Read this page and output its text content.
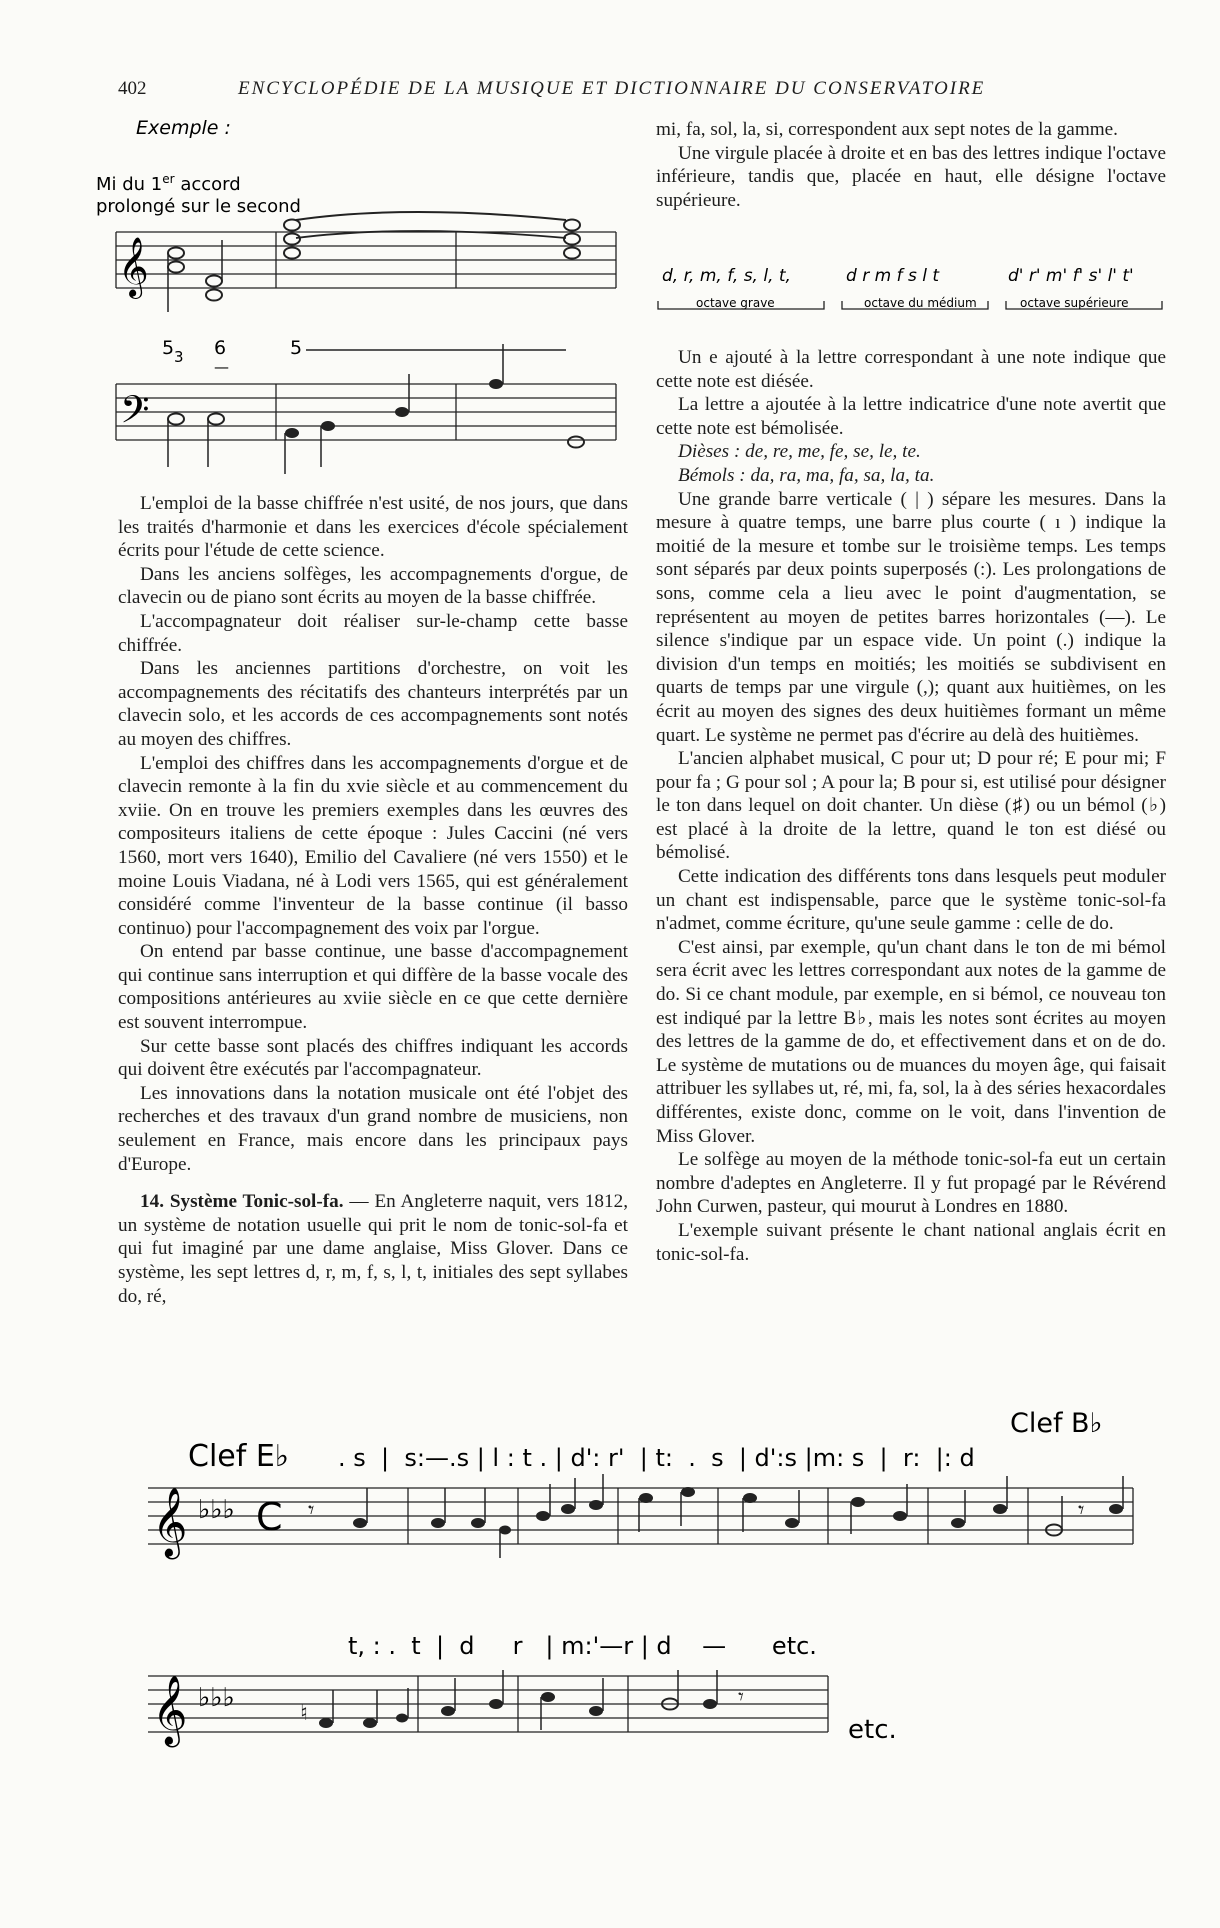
402	ENCYCLOPÉDIE DE LA MUSIQUE ET DICTIONNAIRE DU CONSERVATOIRE
Exemple :
Mi du 1er accord
prolongé sur le second
𝄞
5 3 6
—
5
𝄢

L'emploi de la basse chiffrée n'est usité, de nos jours, que dans les traités d'harmonie et dans les exercices d'école spécialement écrits pour l'étude de cette science.

Dans les anciens solfèges, les accompagnements d'orgue, de clavecin ou de piano sont écrits au moyen de la basse chiffrée.

L'accompagnateur doit réaliser sur-le-champ cette basse chiffrée.

Dans les anciennes partitions d'orchestre, on voit les accompagnements des récitatifs des chanteurs interprétés par un clavecin solo, et les accords de ces accompagnements sont notés au moyen des chiffres.

L'emploi des chiffres dans les accompagnements d'orgue et de clavecin remonte à la fin du xvie siècle et au commencement du xviie. On en trouve les premiers exemples dans les œuvres des compositeurs italiens de cette époque : Jules Caccini (né vers 1560, mort vers 1640), Emilio del Cavaliere (né vers 1550) et le moine Louis Viadana, né à Lodi vers 1565, qui est généralement considéré comme l'inventeur de la basse continue (il basso continuo) pour l'accompagnement des voix par l'orgue.

On entend par basse continue, une basse d'accompagnement qui continue sans interruption et qui diffère de la basse vocale des compositions antérieures au xviie siècle en ce que cette dernière est souvent interrompue.

Sur cette basse sont placés des chiffres indiquant les accords qui doivent être exécutés par l'accompagnateur.

Les innovations dans la notation musicale ont été l'objet des recherches et des travaux d'un grand nombre de musiciens, non seulement en France, mais encore dans les principaux pays d'Europe.

14. Système Tonic-sol-fa. — En Angleterre naquit, vers 1812, un système de notation usuelle qui prit le nom de tonic-sol-fa et qui fut imaginé par une dame anglaise, Miss Glover. Dans ce système, les sept lettres d, r, m, f, s, l, t, initiales des sept syllabes do, ré,

mi, fa, sol, la, si, correspondent aux sept notes de la gamme.

Une virgule placée à droite et en bas des lettres indique l'octave inférieure, tandis que, placée en haut, elle désigne l'octave supérieure.

d, r, m, f, s, l, t,	d r m f s l t	d' r' m' f' s' l' t'
octave grave	octave du médium	octave supérieure

Un e ajouté à la lettre correspondant à une note indique que cette note est diésée.

La lettre a ajoutée à la lettre indicatrice d'une note avertit que cette note est bémolisée.

Dièses : de, re, me, fe, se, le, te.

Bémols : da, ra, ma, fa, sa, la, ta.

Une grande barre verticale ( | ) sépare les mesures. Dans la mesure à quatre temps, une barre plus courte ( ı ) indique la moitié de la mesure et tombe sur le troisième temps. Les temps sont séparés par deux points superposés (:). Les prolongations de sons, comme cela a lieu avec le point d'augmentation, se représentent au moyen de petites barres horizontales (—). Le silence s'indique par un espace vide. Un point (.) indique la division d'un temps en moitiés; les moitiés se subdivisent en quarts de temps par une virgule (,); quant aux huitièmes, on les écrit au moyen des signes des deux huitièmes formant un même quart. Le système ne permet pas d'écrire au delà des huitièmes.

L'ancien alphabet musical, C pour ut; D pour ré; E pour mi; F pour fa ; G pour sol ; A pour la; B pour si, est utilisé pour désigner le ton dans lequel on doit chanter. Un dièse (♯) ou un bémol (♭) est placé à la droite de la lettre, quand le ton est diésé ou bémolisé.

Cette indication des différents tons dans lesquels peut moduler un chant est indispensable, parce que le système tonic-sol-fa n'admet, comme écriture, qu'une seule gamme : celle de do.

C'est ainsi, par exemple, qu'un chant dans le ton de mi bémol sera écrit avec les lettres correspondant aux notes de la gamme de do. Si ce chant module, par exemple, en si bémol, ce nouveau ton est indiqué par la lettre B♭, mais les notes sont écrites au moyen des lettres de la gamme de do, et effectivement dans et on de do. Le système de mutations ou de muances du moyen âge, qui faisait attribuer les syllabes ut, ré, mi, fa, sol, la à des séries hexacordales différentes, existe donc, comme on le voit, dans l'invention de Miss Glover.

Le solfège au moyen de la méthode tonic-sol-fa eut un certain nombre d'adeptes en Angleterre. Il y fut propagé par le Révérend John Curwen, pasteur, qui mourut à Londres en 1880.

L'exemple suivant présente le chant national anglais écrit en tonic-sol-fa.

Clef E♭
Clef B♭
. s  |  s:—.s | l : t . | d': r'  | t:  .  s  | d':s |m: s  |  r:  |: d
𝄞 ♭♭♭ C 𝄾	𝄾
t, : .  t  |  d     r   | m:'—r | d    —      etc.
𝄞 ♭♭♭
♮
𝄾
etc.
